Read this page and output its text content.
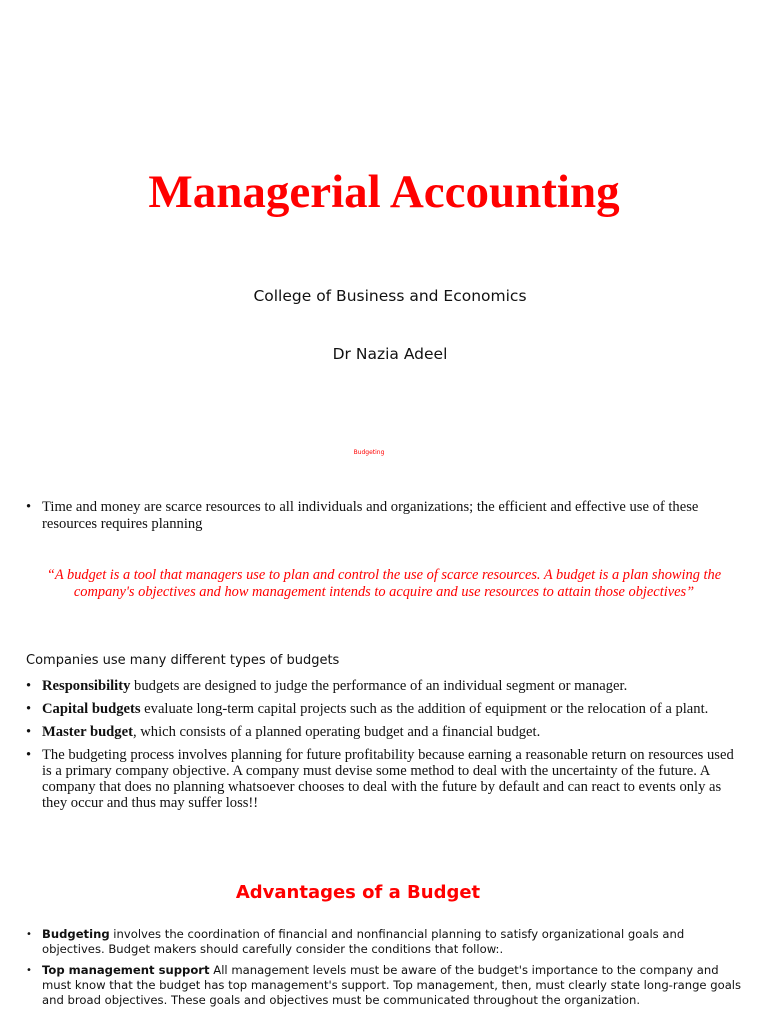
Managerial Accounting
College of Business and Economics
Dr Nazia Adeel
Budgeting
• Time and money are scarce resources to all individuals and organizations; the efficient and effective use of these resources requires planning
“A budget is a tool that managers use to plan and control the use of scarce resources. A budget is a plan showing the company's objectives and how management intends to acquire and use resources to attain those objectives”
Companies use many different types of budgets
• Responsibility budgets are designed to judge the performance of an individual segment or manager.
• Capital budgets evaluate long-term capital projects such as the addition of equipment or the relocation of a plant.
• Master budget, which consists of a planned operating budget and a financial budget.
• The budgeting process involves planning for future profitability because earning a reasonable return on resources used is a primary company objective. A company must devise some method to deal with the uncertainty of the future. A company that does no planning whatsoever chooses to deal with the future by default and can react to events only as they occur and thus may suffer loss!!
Advantages of a Budget
• Budgeting involves the coordination of financial and nonfinancial planning to satisfy organizational goals and objectives. Budget makers should carefully consider the conditions that follow:.
• Top management support All management levels must be aware of the budget's importance to the company and must know that the budget has top management's support. Top management, then, must clearly state long-range goals and broad objectives. These goals and objectives must be communicated throughout the organization.
